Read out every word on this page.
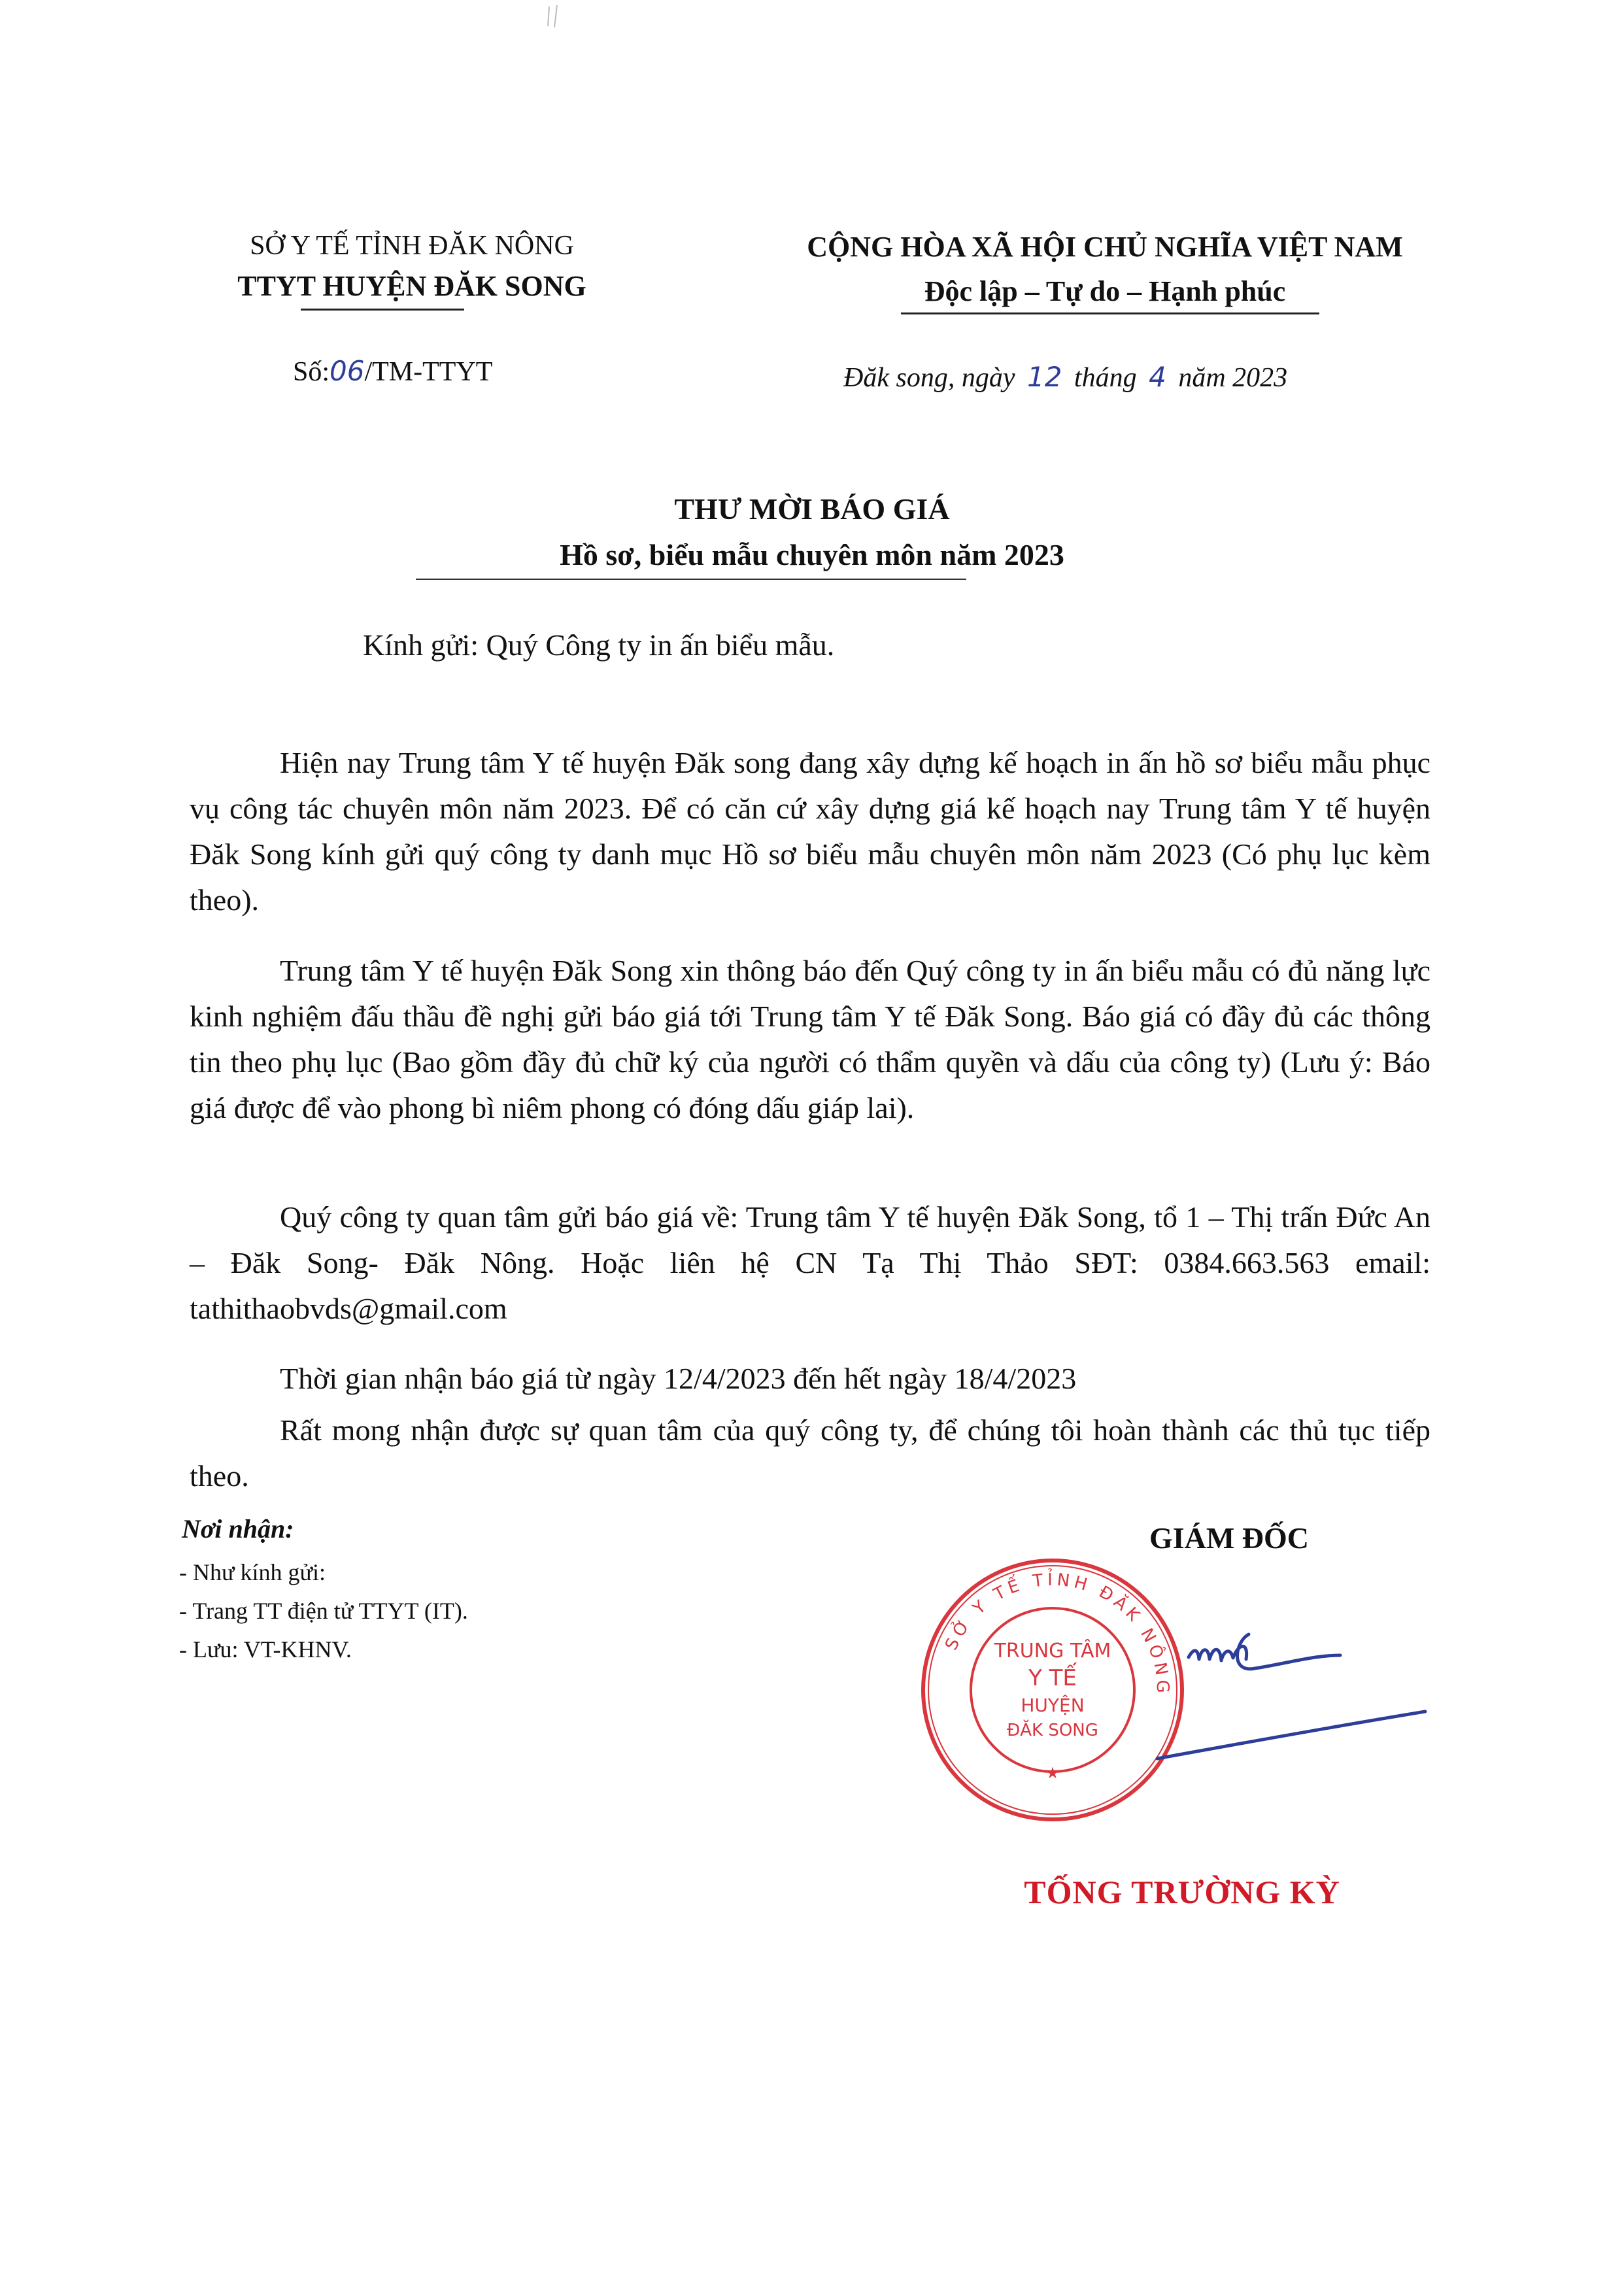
SỞ Y TẾ TỈNH ĐĂK NÔNG
TTYT HUYỆN ĐĂK SONG
CỘNG HÒA XÃ HỘI CHỦ NGHĨA VIỆT NAM
Độc lập – Tự do – Hạnh phúc
Số:06/TM-TTYT	Đăk song, ngày 12 tháng 4 năm 2023
THƯ MỜI BÁO GIÁ
Hồ sơ, biểu mẫu chuyên môn năm 2023
Kính gửi: Quý Công ty in ấn biểu mẫu.
Hiện nay Trung tâm Y tế huyện Đăk song đang xây dựng kế hoạch in ấn hồ sơ biểu mẫu phục vụ công tác chuyên môn năm 2023. Để có căn cứ xây dựng giá kế hoạch nay Trung tâm Y tế huyện Đăk Song kính gửi quý công ty danh mục Hồ sơ biểu mẫu chuyên môn năm 2023 (Có phụ lục kèm theo).
Trung tâm Y tế huyện Đăk Song xin thông báo đến Quý công ty in ấn biểu mẫu có đủ năng lực kinh nghiệm đấu thầu đề nghị gửi báo giá tới Trung tâm Y tế Đăk Song. Báo giá có đầy đủ các thông tin theo phụ lục (Bao gồm đầy đủ chữ ký của người có thẩm quyền và dấu của công ty) (Lưu ý: Báo giá được để vào phong bì niêm phong có đóng dấu giáp lai).
Quý công ty quan tâm gửi báo giá về: Trung tâm Y tế huyện Đăk Song, tổ 1 – Thị trấn Đức An – Đăk Song- Đăk Nông. Hoặc liên hệ CN Tạ Thị Thảo SĐT: 0384.663.563 email: tathithaobvds@gmail.com
Thời gian nhận báo giá từ ngày 12/4/2023 đến hết ngày 18/4/2023
Rất mong nhận được sự quan tâm của quý công ty, để chúng tôi hoàn thành các thủ tục tiếp theo.
Nơi nhận:
- Như kính gửi:
- Trang TT điện tử TTYT (IT).
- Lưu: VT-KHNV.
GIÁM ĐỐC
SỞ Y TẾ TỈNH ĐĂK NÔNG
TRUNG TÂM
Y TẾ
HUYỆN
ĐĂK SONG
★
TỐNG TRƯỜNG KỲ
